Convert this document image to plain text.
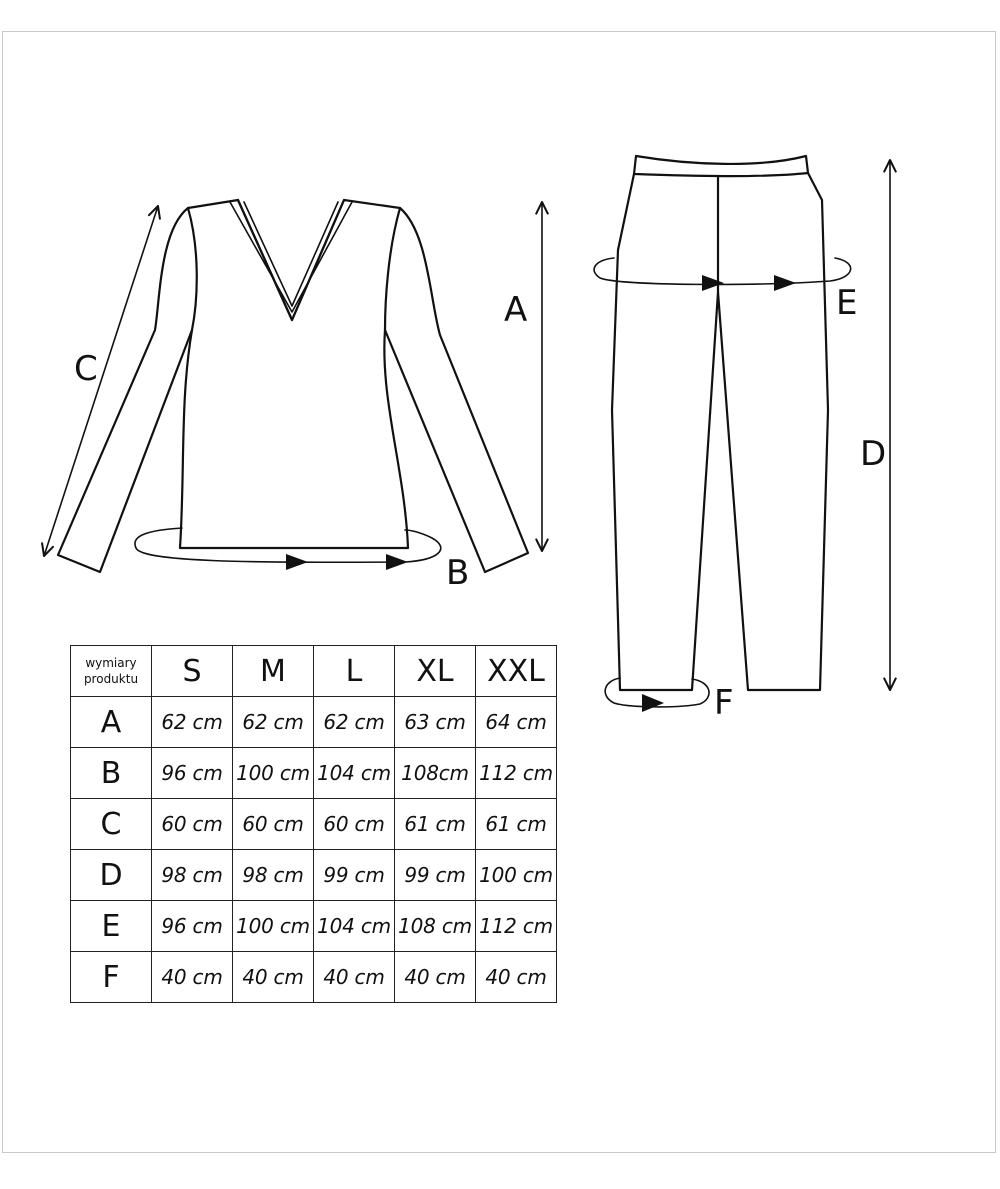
A
B
C
D
E
F
wymiary
produktu	S	M	L	XL	XXL
A	62 cm	62 cm	62 cm	63 cm	64 cm
B	96 cm	100 cm	104 cm	108cm	112 cm
C	60 cm	60 cm	60 cm	61 cm	61 cm
D	98 cm	98 cm	99 cm	99 cm	100 cm
E	96 cm	100 cm	104 cm	108 cm	112 cm
F	40 cm	40 cm	40 cm	40 cm	40 cm
